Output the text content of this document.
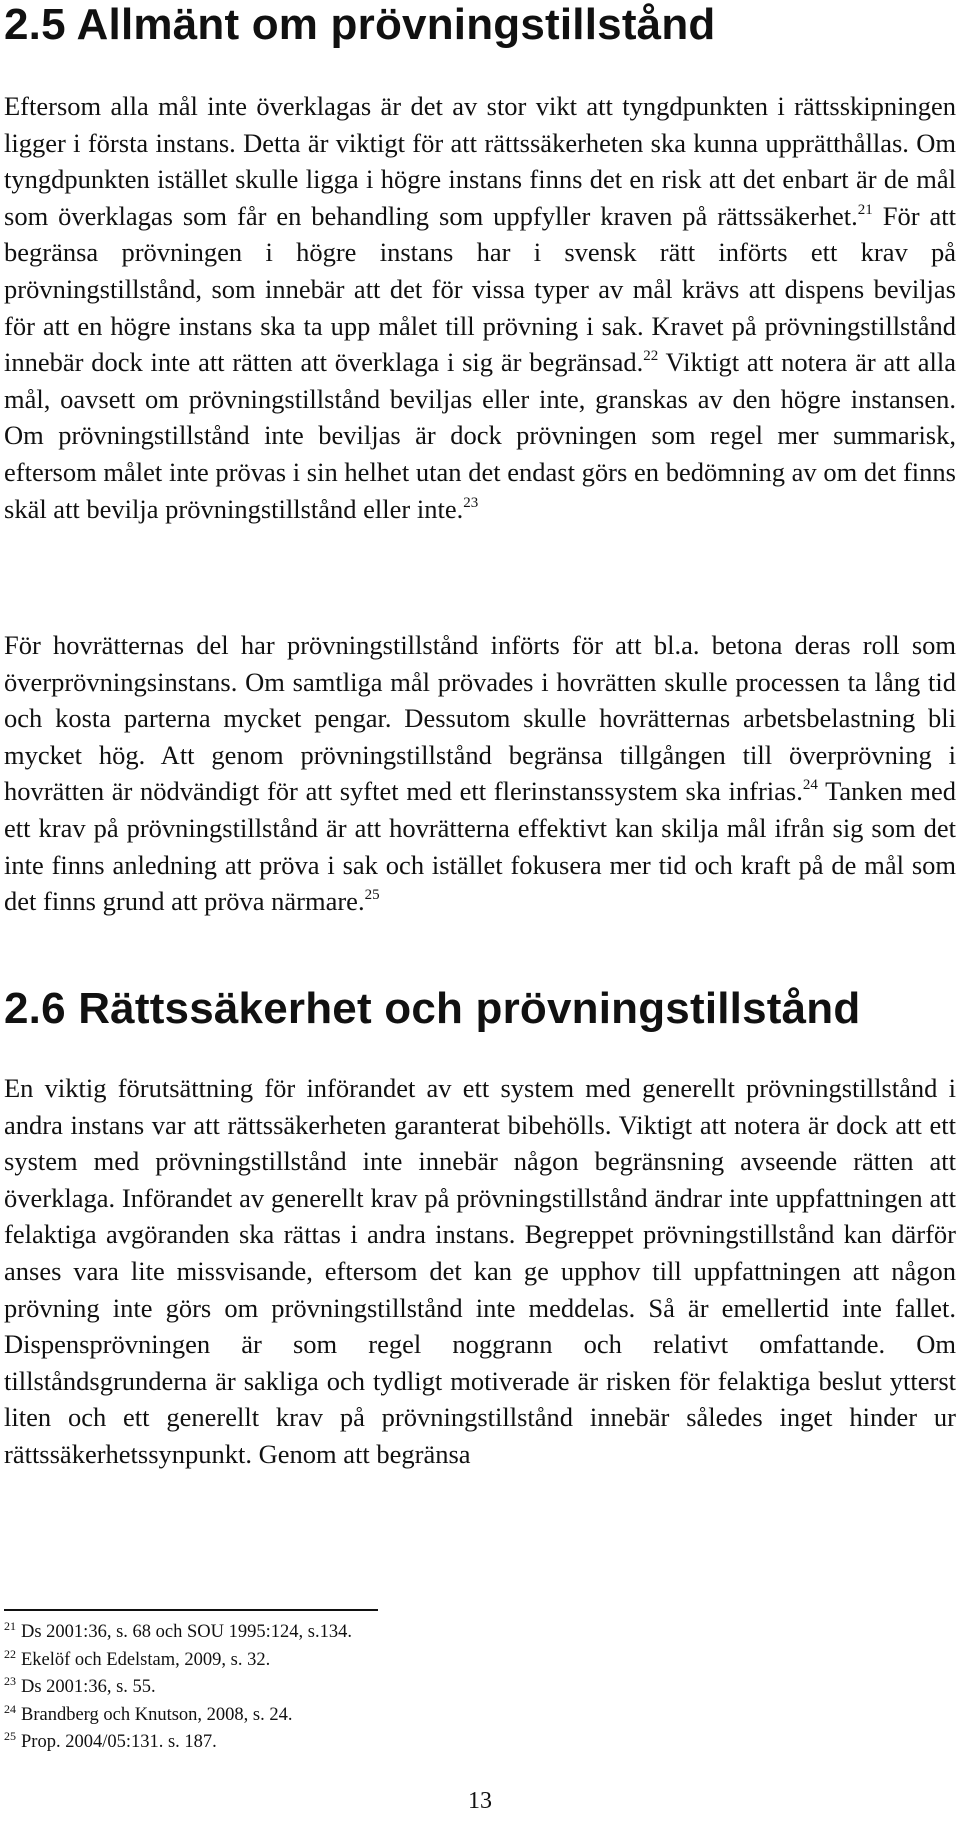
2.5 Allmänt om prövningstillstånd

Eftersom alla mål inte överklagas är det av stor vikt att tyngdpunkten i rättsskipningen ligger i första instans. Detta är viktigt för att rättssäkerheten ska kunna upprätthållas. Om tyngdpunkten istället skulle ligga i högre instans finns det en risk att det enbart är de mål som överklagas som får en behandling som uppfyller kraven på rättssäkerhet.$^{21}$ För att begränsa prövningen i högre instans har i svensk rätt införts ett krav på prövningstillstånd, som innebär att det för vissa typer av mål krävs att dispens beviljas för att en högre instans ska ta upp målet till prövning i sak. Kravet på prövningstillstånd innebär dock inte att rätten att överklaga i sig är begränsad.$^{22}$ Viktigt att notera är att alla mål, oavsett om prövningstillstånd beviljas eller inte, granskas av den högre instansen. Om prövningstillstånd inte beviljas är dock prövningen som regel mer summarisk, eftersom målet inte prövas i sin helhet utan det endast görs en bedömning av om det finns skäl att bevilja prövningstillstånd eller inte.$^{23}$

För hovrätternas del har prövningstillstånd införts för att bl.a. betona deras roll som överprövningsinstans. Om samtliga mål prövades i hovrätten skulle processen ta lång tid och kosta parterna mycket pengar. Dessutom skulle hovrätternas arbetsbelastning bli mycket hög. Att genom prövningstillstånd begränsa tillgången till överprövning i hovrätten är nödvändigt för att syftet med ett flerinstanssystem ska infrias.$^{24}$ Tanken med ett krav på prövningstillstånd är att hovrätterna effektivt kan skilja mål ifrån sig som det inte finns anledning att pröva i sak och istället fokusera mer tid och kraft på de mål som det finns grund att pröva närmare.$^{25}$

2.6 Rättssäkerhet och prövningstillstånd

En viktig förutsättning för införandet av ett system med generellt prövningstillstånd i andra instans var att rättssäkerheten garanterat bibehölls. Viktigt att notera är dock att ett system med prövningstillstånd inte innebär någon begränsning avseende rätten att överklaga. Införandet av generellt krav på prövningstillstånd ändrar inte uppfattningen att felaktiga avgöranden ska rättas i andra instans. Begreppet prövningstillstånd kan därför anses vara lite missvisande, eftersom det kan ge upphov till uppfattningen att någon prövning inte görs om prövningstillstånd inte meddelas. Så är emellertid inte fallet. Dispensprövningen är som regel noggrann och relativt omfattande. Om tillståndsgrunderna är sakliga och tydligt motiverade är risken för felaktiga beslut ytterst liten och ett generellt krav på prövningstillstånd innebär således inget hinder ur rättssäkerhetssynpunkt. Genom att begränsa

$^{21}$ Ds 2001:36, s. 68 och SOU 1995:124, s.134.
$^{22}$ Ekelöf och Edelstam, 2009, s. 32.
$^{23}$ Ds 2001:36, s. 55.
$^{24}$ Brandberg och Knutson, 2008, s. 24.
$^{25}$ Prop. 2004/05:131. s. 187.
13
